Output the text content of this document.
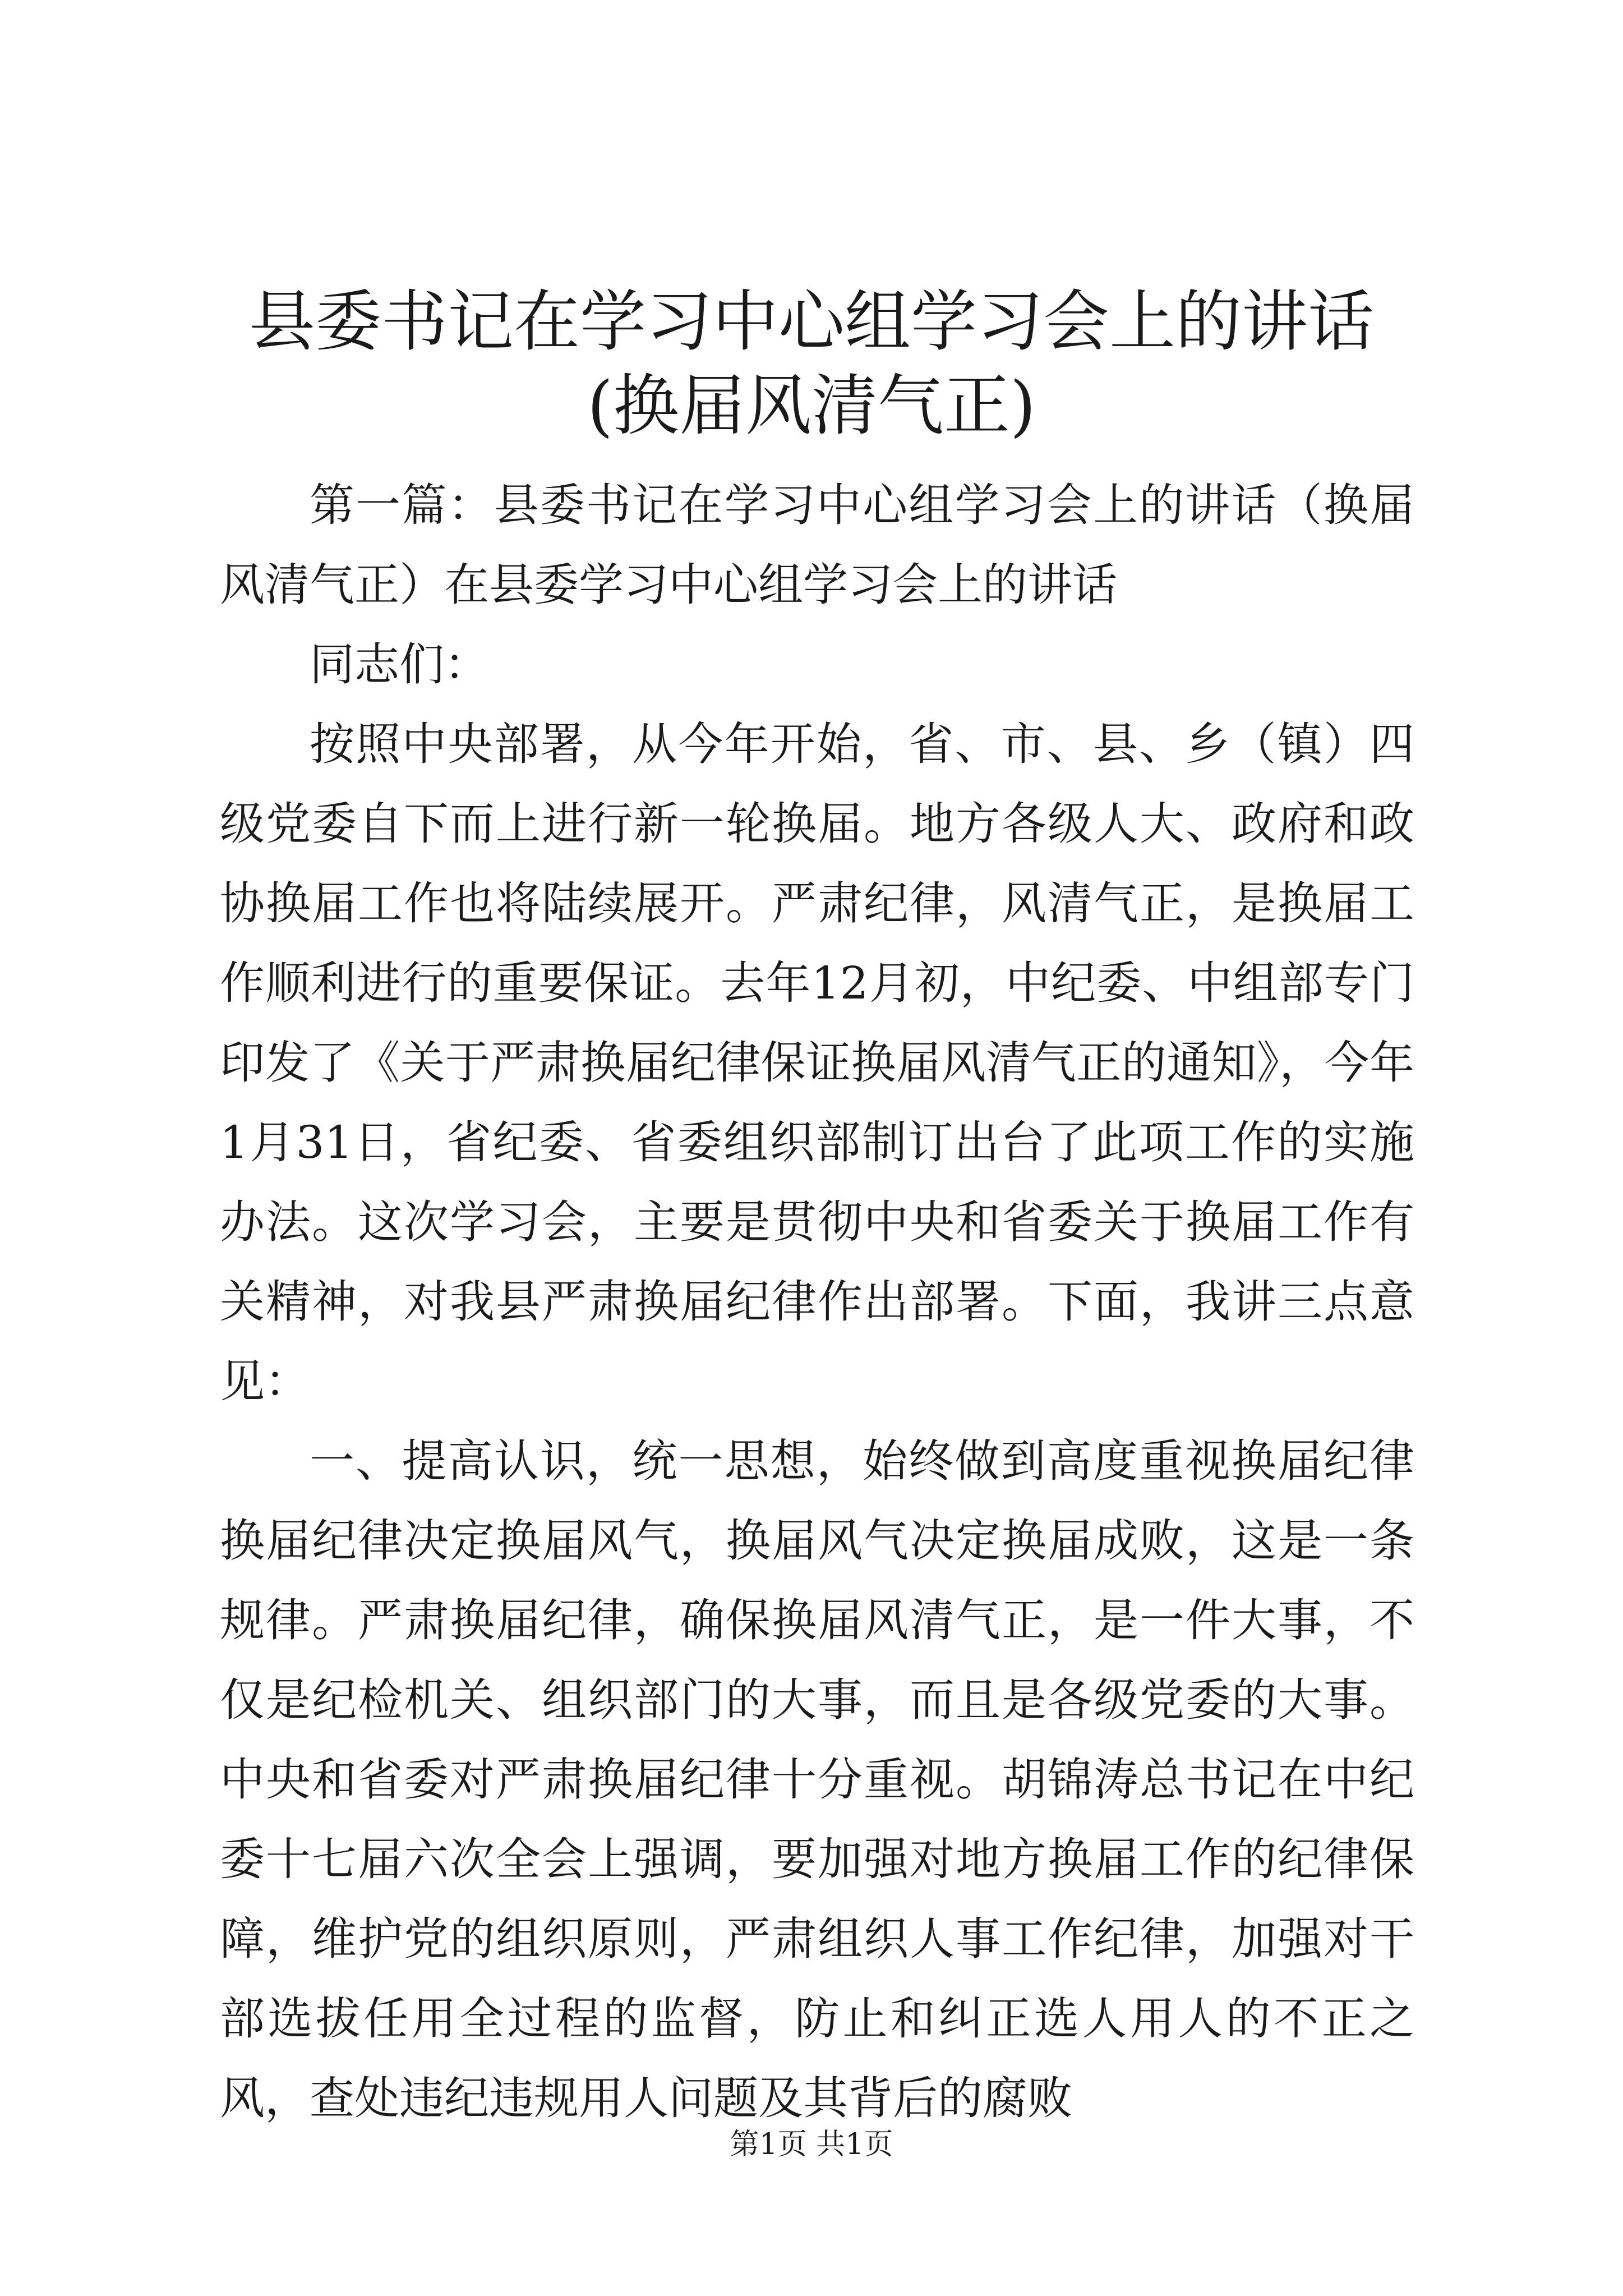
县委书记在学习中心组学习会上的讲话(换届风清气正)

第一篇：县委书记在学习中心组学习会上的讲话（换届风清气正）在县委学习中心组学习会上的讲话

同志们：

按照中央部署，从今年开始，省、市、县、乡（镇）四级党委自下而上进行新一轮换届。地方各级人大、政府和政协换届工作也将陆续展开。严肃纪律，风清气正，是换届工作顺利进行的重要保证。去年12月初，中纪委、中组部专门印发了《关于严肃换届纪律保证换届风清气正的通知》，今年1月31日，省纪委、省委组织部制订出台了此项工作的实施办法。这次学习会，主要是贯彻中央和省委关于换届工作有关精神，对我县严肃换届纪律作出部署。下面，我讲三点意见：

一、提高认识，统一思想，始终做到高度重视换届纪律换届纪律决定换届风气，换届风气决定换届成败，这是一条规律。严肃换届纪律，确保换届风清气正，是一件大事，不仅是纪检机关、组织部门的大事，而且是各级党委的大事。中央和省委对严肃换届纪律十分重视。胡锦涛总书记在中纪委十七届六次全会上强调，要加强对地方换届工作的纪律保障，维护党的组织原则，严肃组织人事工作纪律，加强对干部选拔任用全过程的监督，防止和纠正选人用人的不正之风，查处违纪违规用人问题及其背后的腐败

第1页 共1页
